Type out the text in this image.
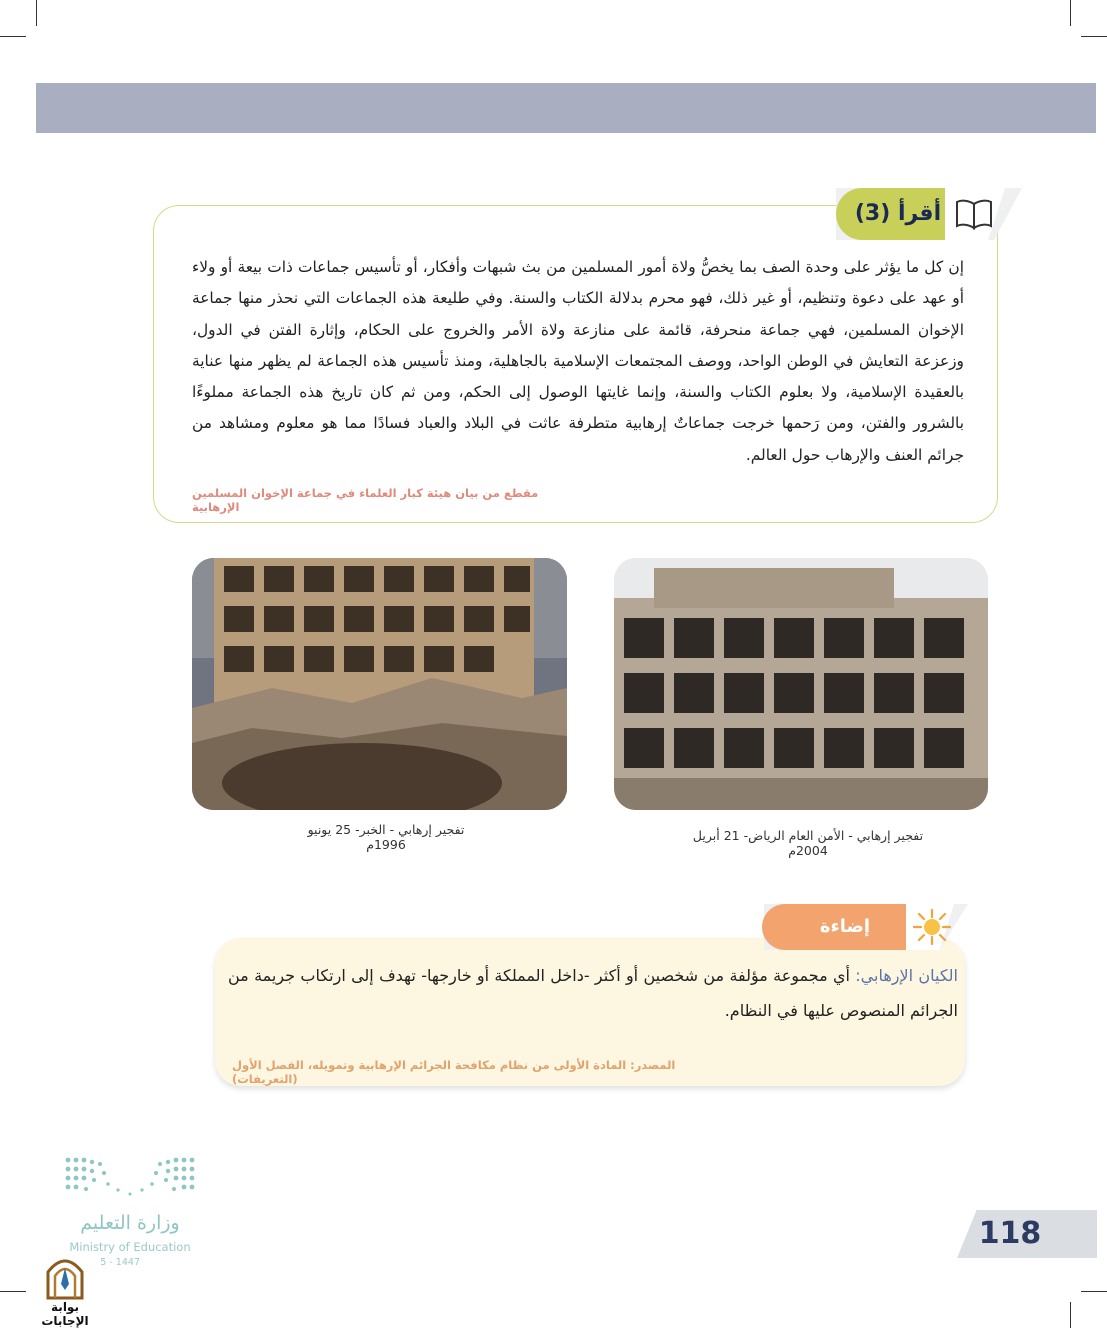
أقرأ (3)

إن كل ما يؤثر على وحدة الصف بما يخصُّ ولاة أمور المسلمين من بث شبهات وأفكار، أو تأسيس جماعات ذات بيعة أو ولاء أو عهد على دعوة وتنظيم، أو غير ذلك، فهو محرم بدلالة الكتاب والسنة. وفي طليعة هذه الجماعات التي نحذر منها جماعة الإخوان المسلمين، فهي جماعة منحرفة، قائمة على منازعة ولاة الأمر والخروج على الحكام، وإثارة الفتن في الدول، وزعزعة التعايش في الوطن الواحد، ووصف المجتمعات الإسلامية بالجاهلية، ومنذ تأسيس هذه الجماعة لم يظهر منها عناية بالعقيدة الإسلامية، ولا بعلوم الكتاب والسنة، وإنما غايتها الوصول إلى الحكم، ومن ثم كان تاريخ هذه الجماعة مملوءًا بالشرور والفتن، ومن رَحمها خرجت جماعاتٌ إرهابية متطرفة عاثت في البلاد والعباد فسادًا مما هو معلوم ومشاهد من جرائم العنف والإرهاب حول العالم.

مقطع من بيان هيئة كبار العلماء في جماعة الإخوان المسلمين الإرهابية
تفجير إرهابي - الخبر- 25 يونيو 1996م
تفجير إرهابي - الأمن العام الرياض- 21 أبريل 2004م
إضاءة

الكيان الإرهابي: أي مجموعة مؤلفة من شخصين أو أكثر -داخل المملكة أو خارجها- تهدف إلى ارتكاب جريمة من الجرائم المنصوص عليها في النظام.

المصدر: المادة الأولى من نظام مكافحة الجرائم الإرهابية وتمويله، الفصل الأول (التعريفات)
وزارة التعليم
Ministry of Education
5 - 1447
بوابة الإجابات
118
